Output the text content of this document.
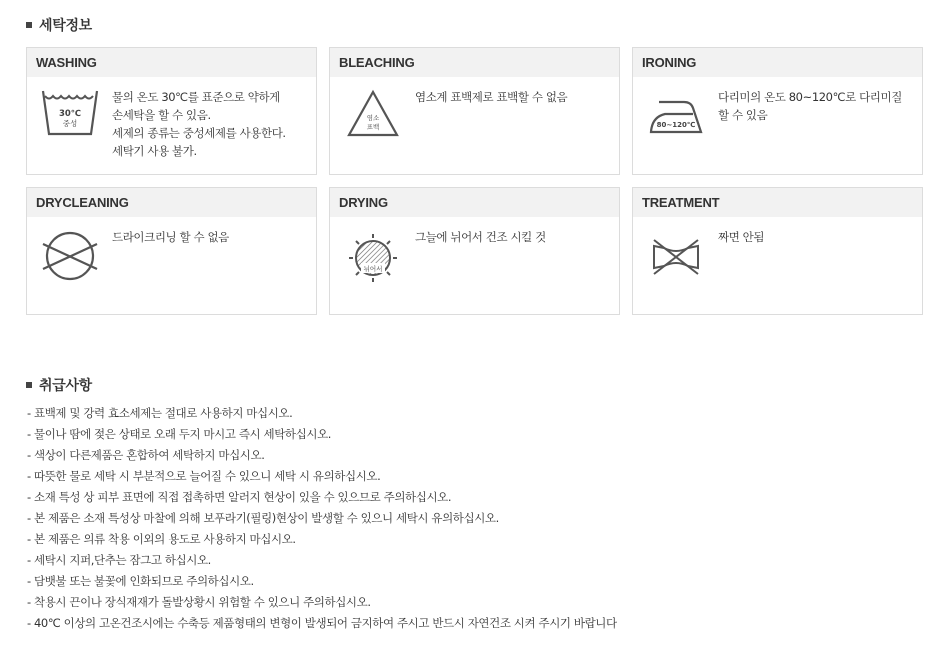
세탁정보
WASHING
30℃
중성
물의 온도 30℃를 표준으로 약하게
손세탁을 할 수 있음.
세제의 종류는 중성세제를 사용한다.
세탁기 사용 불가.
BLEACHING
염소
표백
염소계 표백제로 표백할 수 없음
IRONING
80~120℃
다리미의 온도 80~120℃로 다리미질
할 수 있음
DRYCLEANING
드라이크리닝 할 수 없음
DRYING
뉘어서
그늘에 뉘어서 건조 시킬 것
TREATMENT
짜면 안됨
취급사항
- 표백제 및 강력 효소세제는 절대로 사용하지 마십시오.
- 물이나 땀에 젖은 상태로 오래 두지 마시고 즉시 세탁하십시오.
- 색상이 다른제품은 혼합하여 세탁하지 마십시오.
- 따뜻한 물로 세탁 시 부분적으로 늘어질 수 있으니 세탁 시 유의하십시오.
- 소재 특성 상 피부 표면에 직접 접촉하면 알러지 현상이 있을 수 있으므로 주의하십시오.
- 본 제품은 소재 특성상 마찰에 의해 보푸라기(필링)현상이 발생할 수 있으니 세탁시 유의하십시오.
- 본 제품은 의류 착용 이외의 용도로 사용하지 마십시오.
- 세탁시 지퍼,단추는 잠그고 하십시오.
- 담뱃불 또는 불꽃에 인화되므로 주의하십시오.
- 착용시 끈이나 장식재재가 돌발상황시 위험할 수 있으니 주의하십시오.
- 40℃ 이상의 고온건조시에는 수축등 제품형태의 변형이 발생되어 금지하여 주시고 반드시 자연건조 시켜 주시기 바랍니다
